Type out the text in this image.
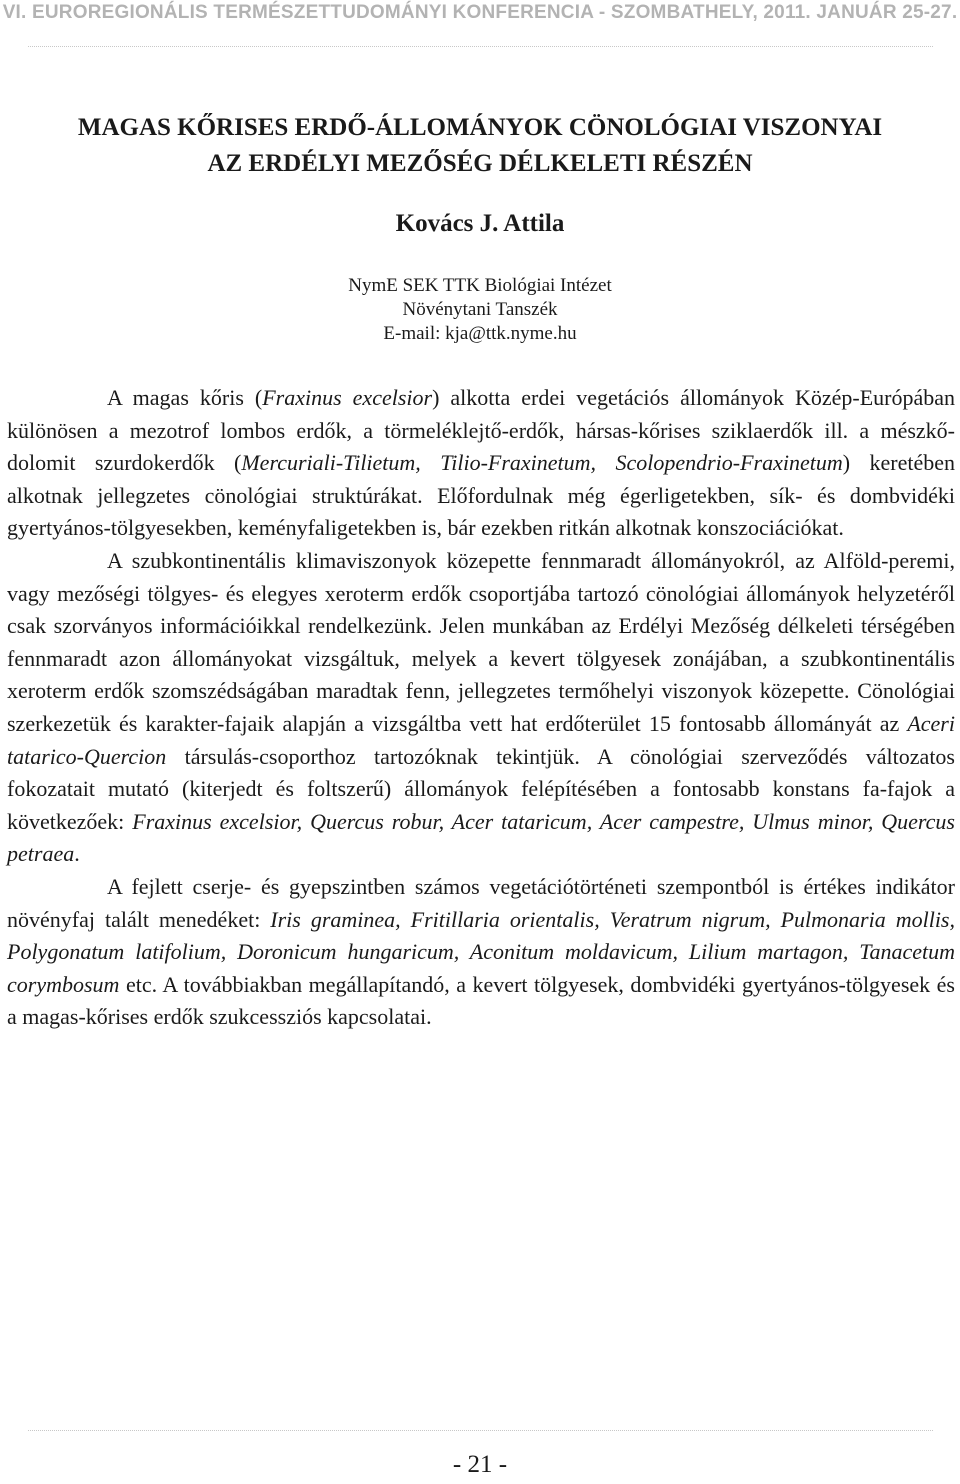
VI. EUROREGIONÁLIS TERMÉSZETTUDOMÁNYI KONFERENCIA - SZOMBATHELY, 2011. JANUÁR 25-27.
MAGAS KŐRISES ERDŐ-ÁLLOMÁNYOK CÖNOLÓGIAI VISZONYAI
AZ ERDÉLYI MEZŐSÉG DÉLKELETI RÉSZÉN
Kovács J. Attila
NymE SEK TTK Biológiai Intézet
Növénytani Tanszék
E-mail: kja@ttk.nyme.hu

A magas kőris (Fraxinus excelsior) alkotta erdei vegetációs állományok Közép-Európában különösen a mezotrof lombos erdők, a törmeléklejtő-erdők, hársas-kőrises sziklaerdők ill. a mészkő-dolomit szurdokerdők (Mercuriali-Tilietum, Tilio-Fraxinetum, Scolopendrio-Fraxinetum) keretében alkotnak jellegzetes cönológiai struktúrákat. Előfordulnak még égerligetekben, sík- és dombvidéki gyertyános-tölgyesekben, keményfaligetekben is, bár ezekben ritkán alkotnak konszociációkat.

A szubkontinentális klimaviszonyok közepette fennmaradt állományokról, az Alföld-peremi, vagy mezőségi tölgyes- és elegyes xeroterm erdők csoportjába tartozó cönológiai állományok helyzetéről csak szorványos információikkal rendelkezünk. Jelen munkában az Erdélyi Mezőség délkeleti térségében fennmaradt azon állományokat vizsgáltuk, melyek a kevert tölgyesek zonájában, a szubkontinentális xeroterm erdők szomszédságában maradtak fenn, jellegzetes termőhelyi viszonyok közepette. Cönológiai szerkezetük és karakter-fajaik alapján a vizsgáltba vett hat erdőterület 15 fontosabb állományát az Aceri tatarico-Quercion társulás-csoporthoz tartozóknak tekintjük. A cönológiai szerveződés változatos fokozatait mutató (kiterjedt és foltszerű) állományok felépítésében a fontosabb konstans fa-fajok a következőek: Fraxinus excelsior, Quercus robur, Acer tataricum, Acer campestre, Ulmus minor, Quercus petraea.

A fejlett cserje- és gyepszintben számos vegetációtörténeti szempontból is értékes indikátor növényfaj talált menedéket: Iris graminea, Fritillaria orientalis, Veratrum nigrum, Pulmonaria mollis, Polygonatum latifolium, Doronicum hungaricum, Aconitum moldavicum, Lilium martagon, Tanacetum corymbosum etc. A továbbiakban megállapítandó, a kevert tölgyesek, dombvidéki gyertyános-tölgyesek és a magas-kőrises erdők szukcessziós kapcsolatai.

- 21 -
